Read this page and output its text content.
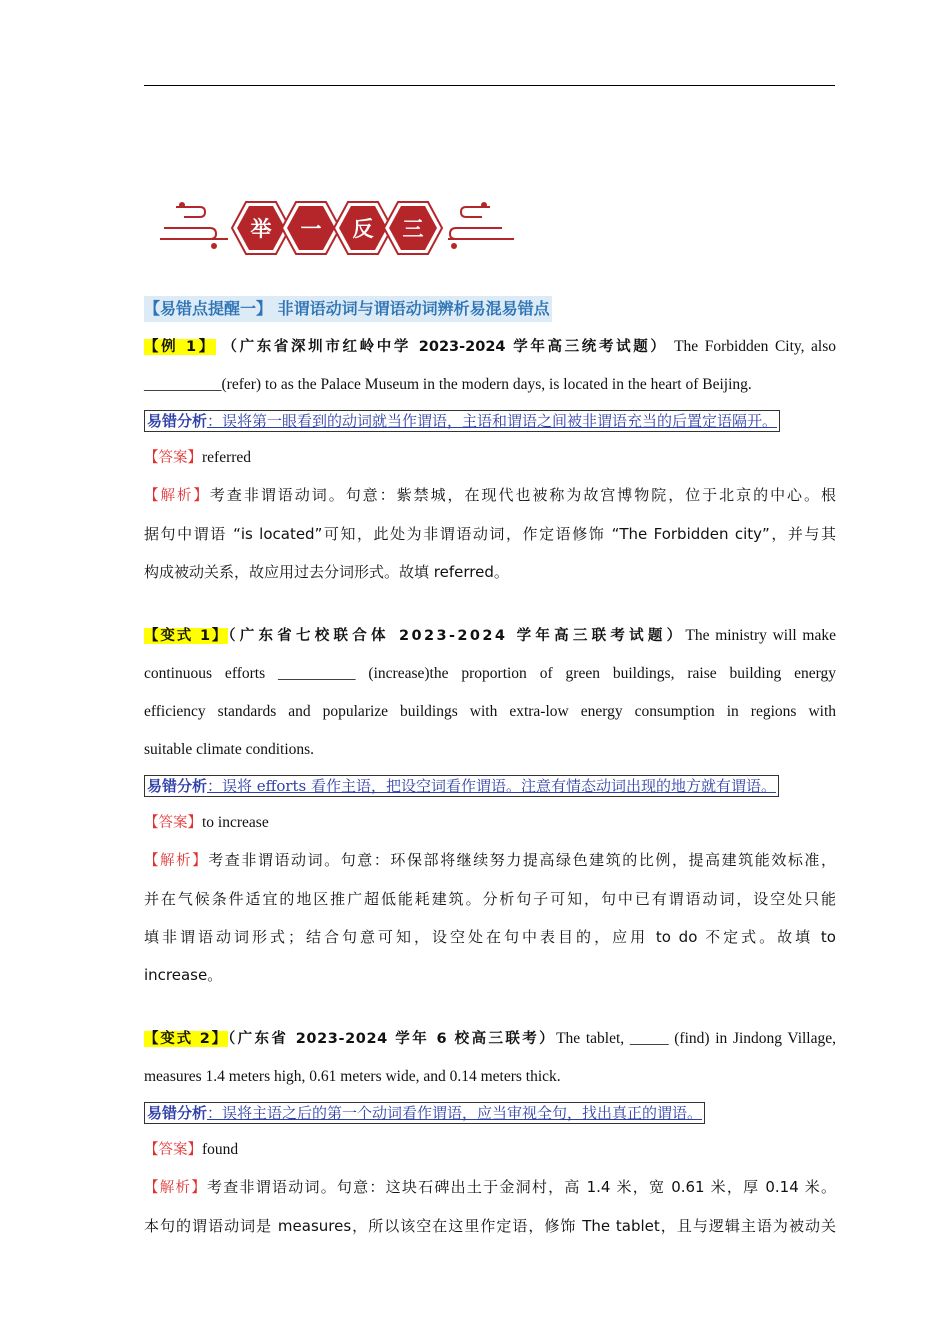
举 一 反 三
【易错点提醒一】 非谓语动词与谓语动词辨析易混易错点

【例 1】 （广东省深圳市红岭中学 2023-2024 学年高三统考试题） The Forbidden City, also

__________(refer) to as the Palace Museum in the modern days, is located in the heart of Beijing.

易错分析：误将第一眼看到的动词就当作谓语，主语和谓语之间被非谓语充当的后置定语隔开。

【答案】referred

【解析】考查非谓语动词。句意：紫禁城，在现代也被称为故宫博物院，位于北京的中心。根

据句中谓语 “is located”可知，此处为非谓语动词，作定语修饰 “The Forbidden city”，并与其

构成被动关系，故应用过去分词形式。故填 referred。

【变式 1】（广东省七校联合体 2023-2024 学年高三联考试题）The ministry will make

continuous efforts __________ (increase)the proportion of green buildings, raise building energy

efficiency standards and popularize buildings with extra-low energy consumption in regions with

suitable climate conditions.

易错分析：误将 efforts 看作主语，把设空词看作谓语。注意有情态动词出现的地方就有谓语。

【答案】to increase

【解析】考查非谓语动词。句意：环保部将继续努力提高绿色建筑的比例，提高建筑能效标准，

并在气候条件适宜的地区推广超低能耗建筑。分析句子可知，句中已有谓语动词，设空处只能

填非谓语动词形式；结合句意可知，设空处在句中表目的，应用 to do 不定式。故填 to

increase。

【变式 2】（广东省 2023-2024 学年 6 校高三联考）The tablet, _____ (find) in Jindong Village,

measures 1.4 meters high, 0.61 meters wide, and 0.14 meters thick.

易错分析：误将主语之后的第一个动词看作谓语，应当审视全句，找出真正的谓语。

【答案】found

【解析】考查非谓语动词。句意：这块石碑出土于金洞村，高 1.4 米，宽 0.61 米，厚 0.14 米。

本句的谓语动词是 measures，所以该空在这里作定语，修饰 The tablet，且与逻辑主语为被动关
